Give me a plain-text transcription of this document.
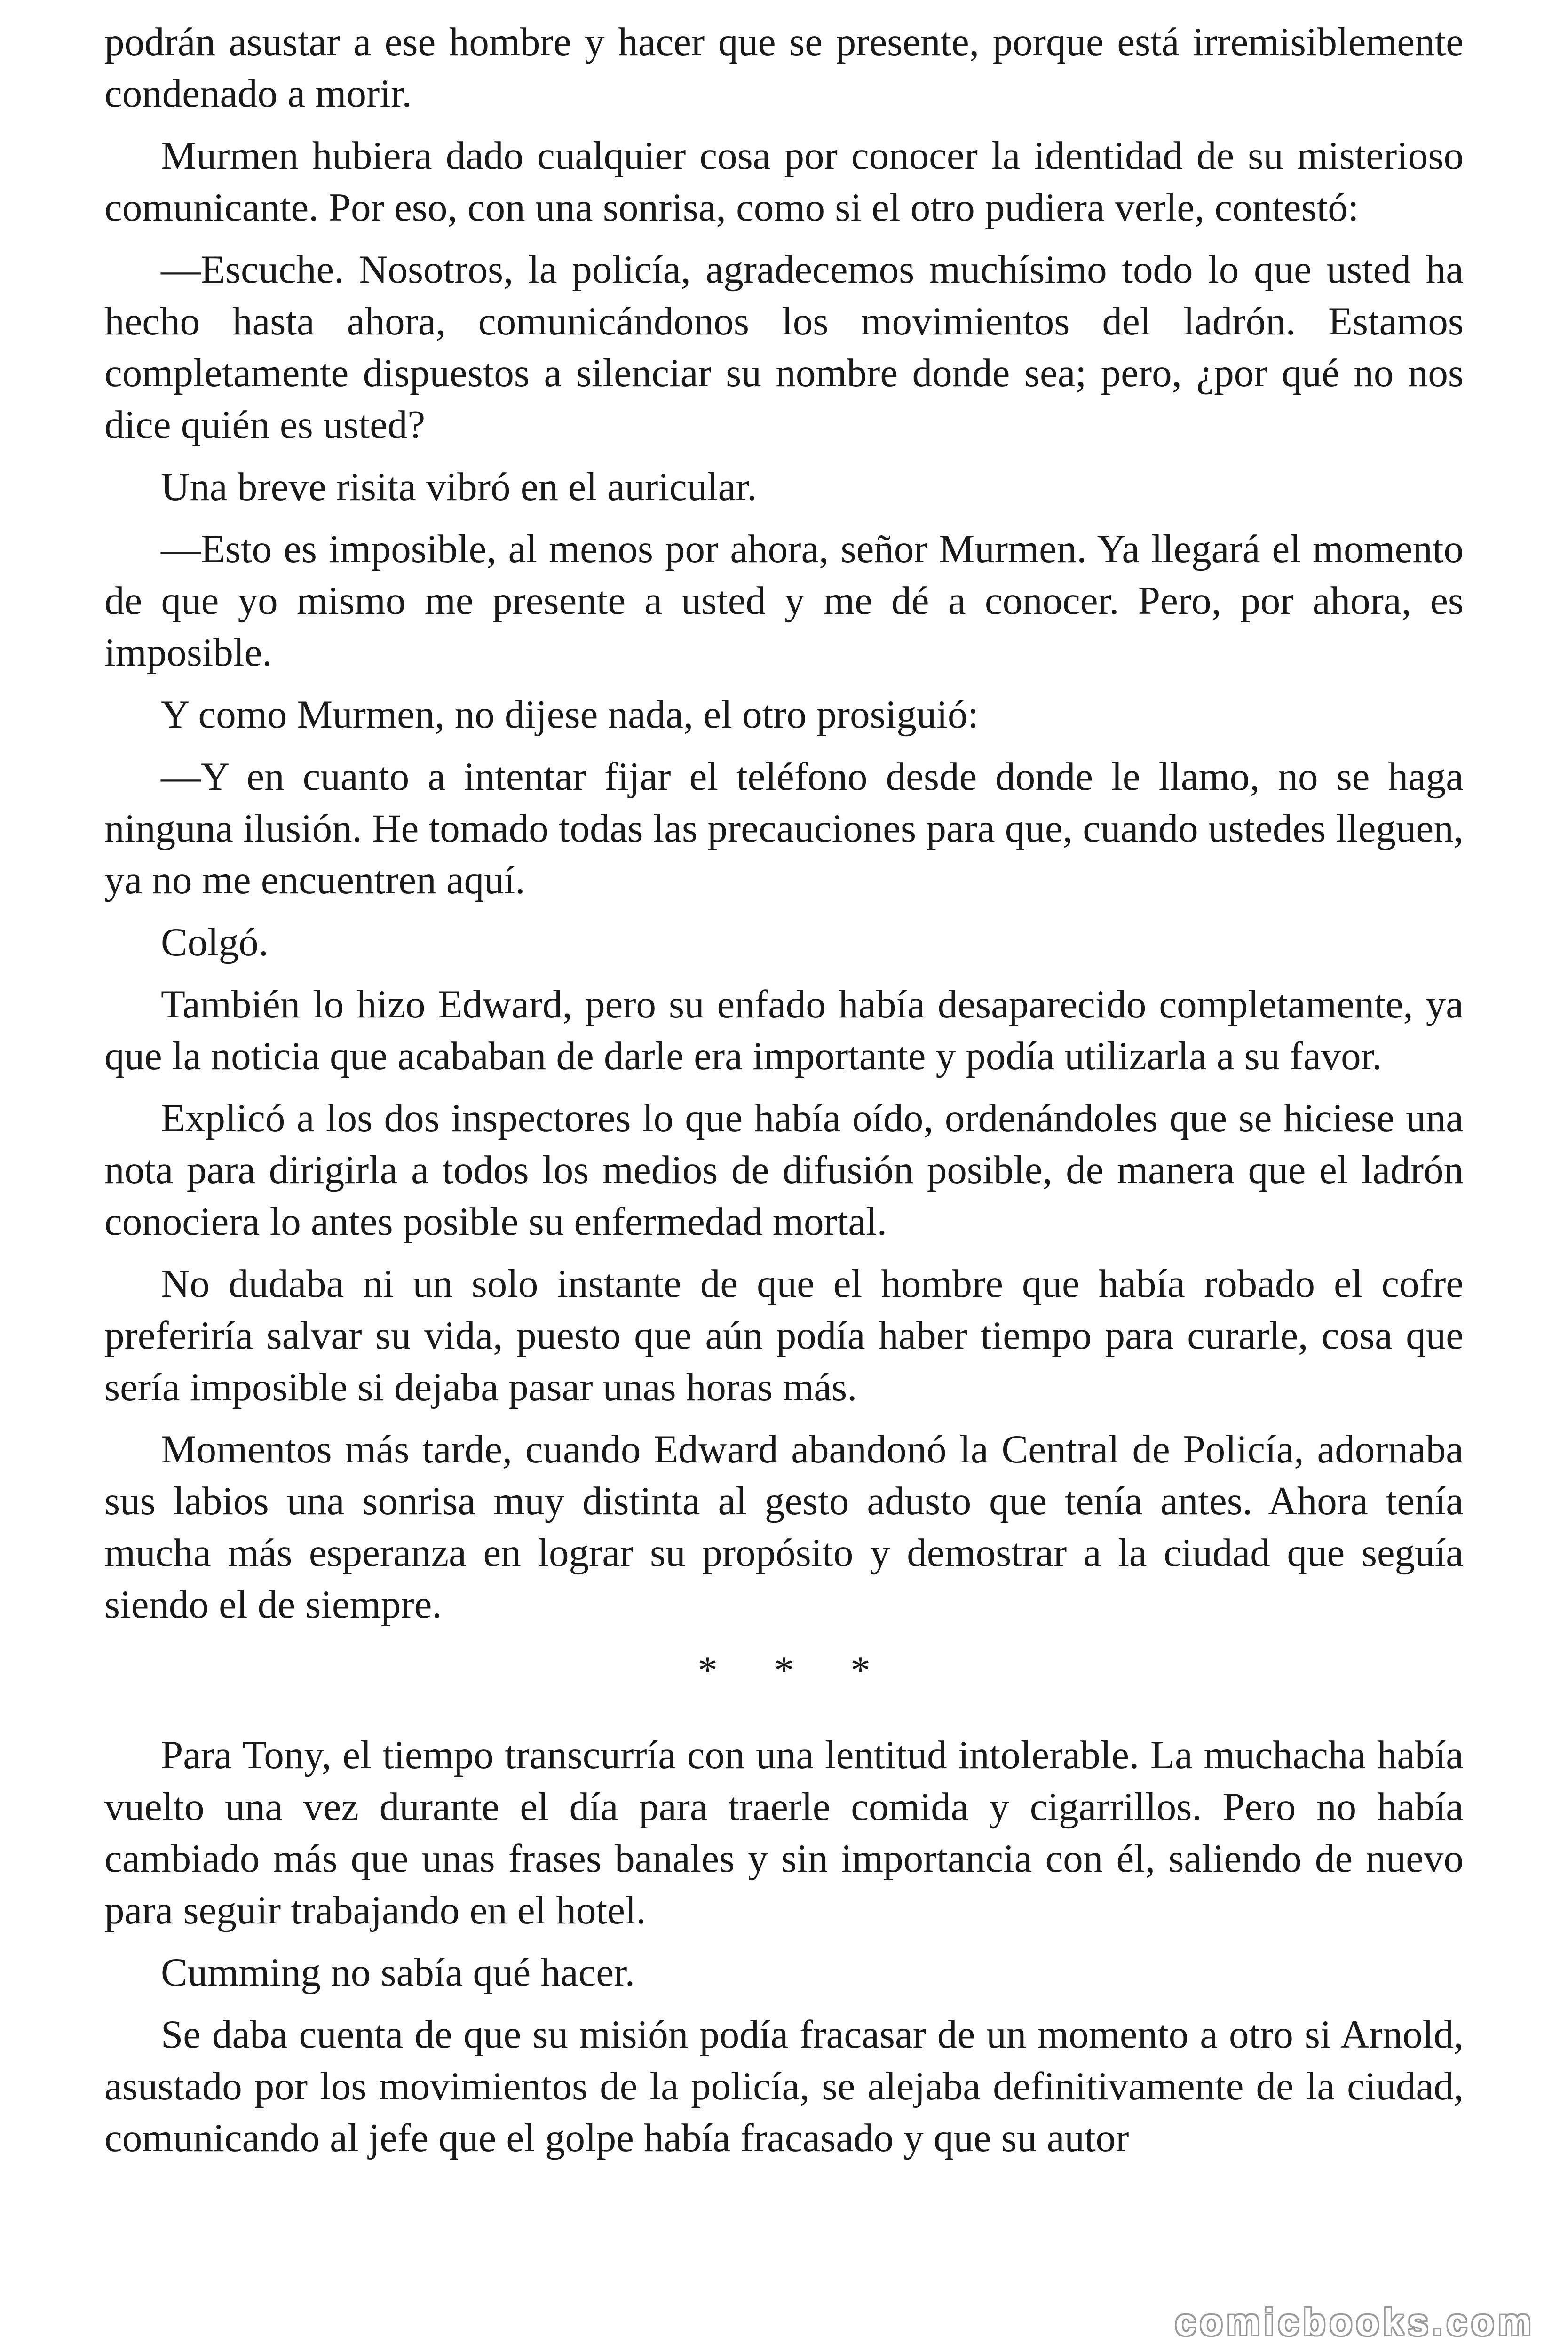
podrán asustar a ese hombre y hacer que se presente, porque está irremisiblemente condenado a morir.

Murmen hubiera dado cualquier cosa por conocer la identidad de su misterioso comunicante. Por eso, con una sonrisa, como si el otro pudiera verle, contestó:

—Escuche. Nosotros, la policía, agradecemos muchísimo todo lo que usted ha hecho hasta ahora, comunicándonos los movimientos del ladrón. Estamos completamente dispuestos a silenciar su nombre donde sea; pero, ¿por qué no nos dice quién es usted?

Una breve risita vibró en el auricular.

—Esto es imposible, al menos por ahora, señor Murmen. Ya llegará el momento de que yo mismo me presente a usted y me dé a conocer. Pero, por ahora, es imposible.

Y como Murmen, no dijese nada, el otro prosiguió:

—Y en cuanto a intentar fijar el teléfono desde donde le llamo, no se haga ninguna ilusión. He tomado todas las precauciones para que, cuando ustedes lleguen, ya no me encuentren aquí.

Colgó.

También lo hizo Edward, pero su enfado había desaparecido completamente, ya que la noticia que acababan de darle era importante y podía utilizarla a su favor.

Explicó a los dos inspectores lo que había oído, ordenándoles que se hiciese una nota para dirigirla a todos los medios de difusión posible, de manera que el ladrón conociera lo antes posible su enfermedad mortal.

No dudaba ni un solo instante de que el hombre que había robado el cofre preferiría salvar su vida, puesto que aún podía haber tiempo para curarle, cosa que sería imposible si dejaba pasar unas horas más.

Momentos más tarde, cuando Edward abandonó la Central de Policía, adornaba sus labios una sonrisa muy distinta al gesto adusto que tenía antes. Ahora tenía mucha más esperanza en lograr su propósito y demostrar a la ciudad que seguía siendo el de siempre.

* * *

Para Tony, el tiempo transcurría con una lentitud intolerable. La muchacha había vuelto una vez durante el día para traerle comida y cigarrillos. Pero no había cambiado más que unas frases banales y sin importancia con él, saliendo de nuevo para seguir trabajando en el hotel.

Cumming no sabía qué hacer.

Se daba cuenta de que su misión podía fracasar de un momento a otro si Arnold, asustado por los movimientos de la policía, se alejaba definitivamente de la ciudad, comunicando al jefe que el golpe había fracasado y que su autor

comicbooks.com
